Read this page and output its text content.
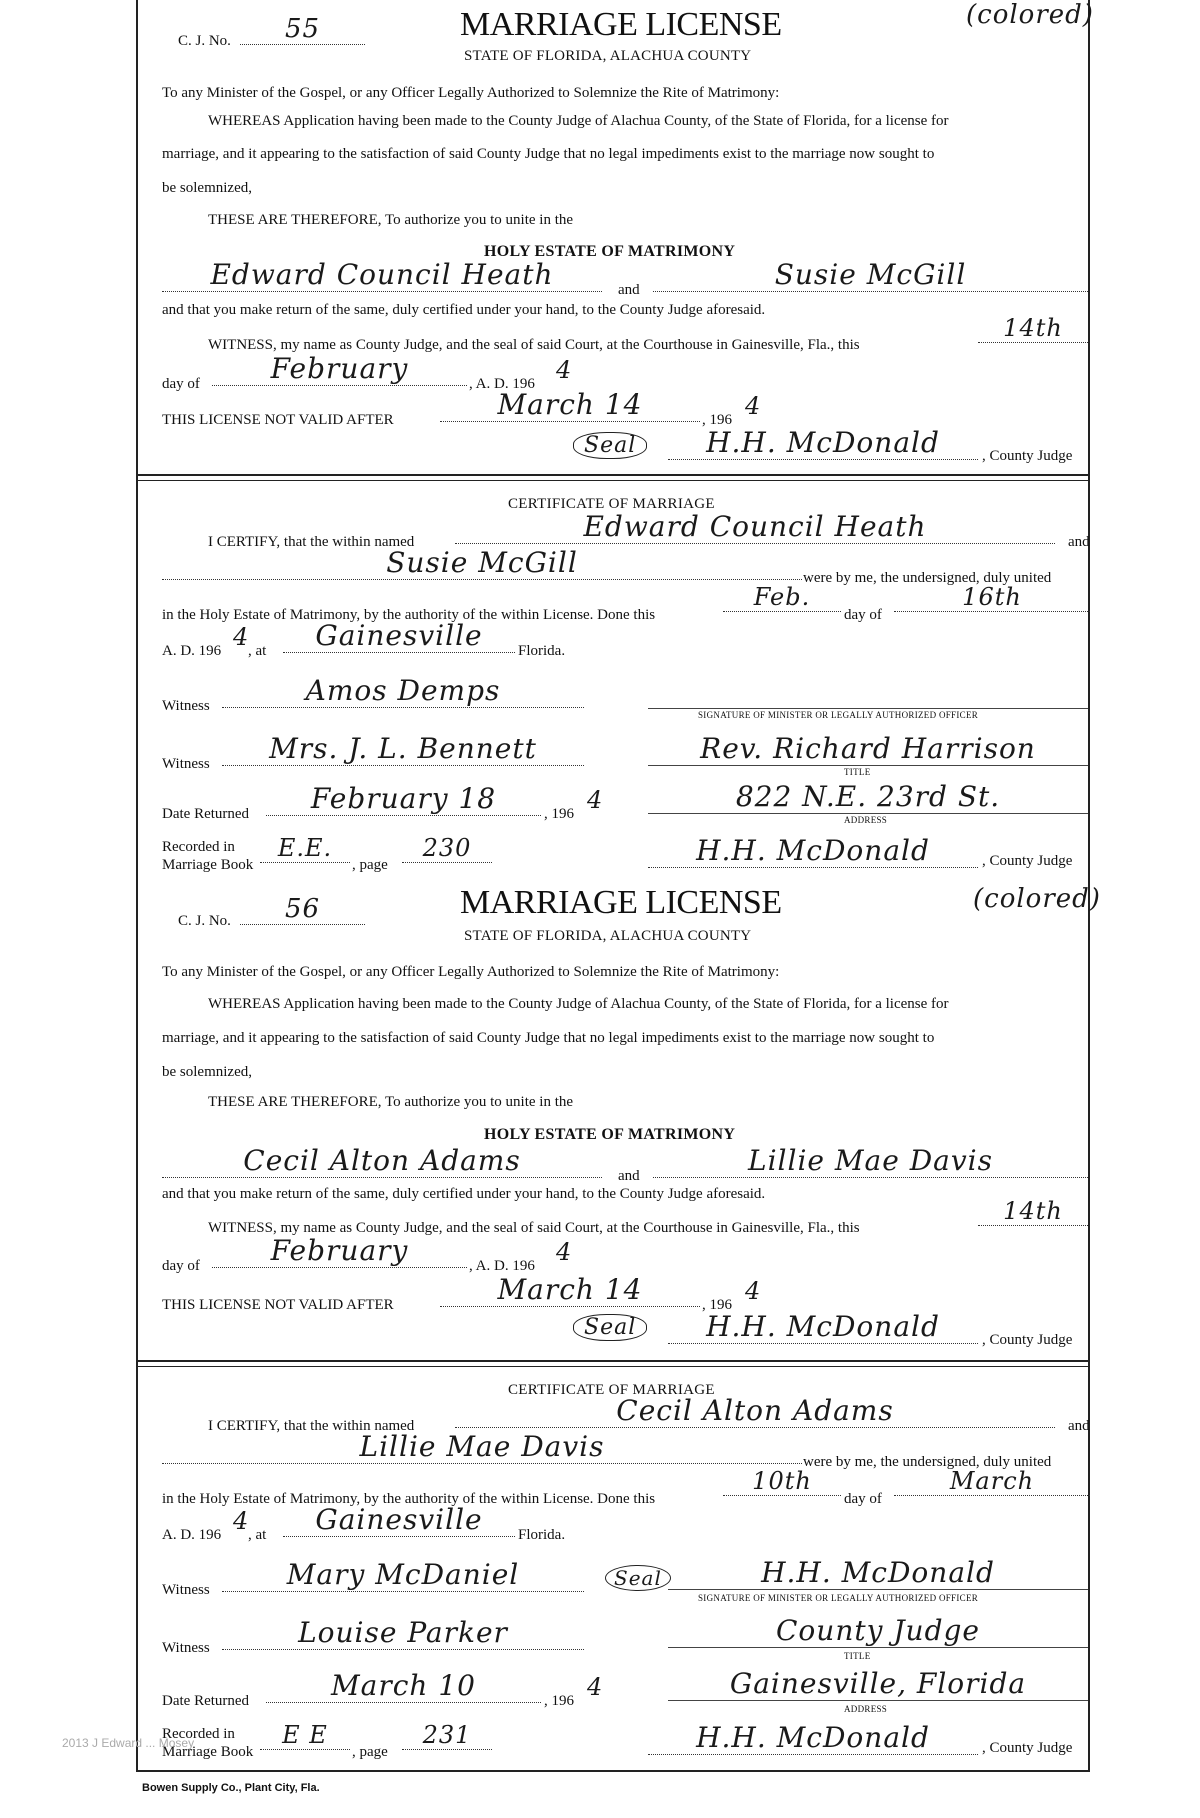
C. J. No.	55	MARRIAGE LICENSE	(colored)
STATE OF FLORIDA, ALACHUA COUNTY
To any Minister of the Gospel, or any Officer Legally Authorized to Solemnize the Rite of Matrimony:
WHEREAS Application having been made to the County Judge of Alachua County, of the State of Florida, for a license for
marriage, and it appearing to the satisfaction of said County Judge that no legal impediments exist to the marriage now sought to
be solemnized,
THESE ARE THEREFORE, To authorize you to unite in the
HOLY ESTATE OF MATRIMONY
Edward Council Heath	and	Susie McGill
and that you make return of the same, duly certified under your hand, to the County Judge aforesaid.
WITNESS, my name as County Judge, and the seal of said Court, at the Courthouse in Gainesville, Fla., this
14th
day of	February	, A. D. 196 4
THIS LICENSE NOT VALID AFTER	March 14	, 196 4
Seal	H.H. McDonald	, County Judge
CERTIFICATE OF MARRIAGE
I CERTIFY, that the within named	Edward Council Heath	and
Susie McGill	were by me, the undersigned, duly united
in the Holy Estate of Matrimony, by the authority of the within License. Done this
Feb.
day of
16th
A. D. 196 4
, at	Gainesville	Florida.
Witness	Amos Demps
SIGNATURE OF MINISTER OR LEGALLY AUTHORIZED OFFICER
Witness	Mrs. J. L. Bennett	Rev. Richard Harrison
TITLE
Date Returned	February 18	, 196 4	822 N.E. 23rd St.
ADDRESS
Recorded in
Marriage Book
E.E.
, page
230	H.H. McDonald	, County Judge
C. J. No.	56	MARRIAGE LICENSE	(colored)
STATE OF FLORIDA, ALACHUA COUNTY
To any Minister of the Gospel, or any Officer Legally Authorized to Solemnize the Rite of Matrimony:
WHEREAS Application having been made to the County Judge of Alachua County, of the State of Florida, for a license for
marriage, and it appearing to the satisfaction of said County Judge that no legal impediments exist to the marriage now sought to
be solemnized,
THESE ARE THEREFORE, To authorize you to unite in the
HOLY ESTATE OF MATRIMONY
Cecil Alton Adams	and	Lillie Mae Davis
and that you make return of the same, duly certified under your hand, to the County Judge aforesaid.
WITNESS, my name as County Judge, and the seal of said Court, at the Courthouse in Gainesville, Fla., this
14th
day of	February	, A. D. 196 4
THIS LICENSE NOT VALID AFTER	March 14	, 196 4
Seal	H.H. McDonald	, County Judge
CERTIFICATE OF MARRIAGE
I CERTIFY, that the within named	Cecil Alton Adams	and
Lillie Mae Davis	were by me, the undersigned, duly united
in the Holy Estate of Matrimony, by the authority of the within License. Done this
10th
day of
March
A. D. 196 4
, at	Gainesville	Florida.
Witness	Mary McDaniel	Seal	H.H. McDonald
SIGNATURE OF MINISTER OR LEGALLY AUTHORIZED OFFICER
Witness	Louise Parker	County Judge
TITLE
Date Returned	March 10	, 196 4	Gainesville, Florida
ADDRESS
Recorded in
Marriage Book
E E
, page
231	H.H. McDonald	, County Judge
Bowen Supply Co., Plant City, Fla.
2013 J Edward ... Mosey
